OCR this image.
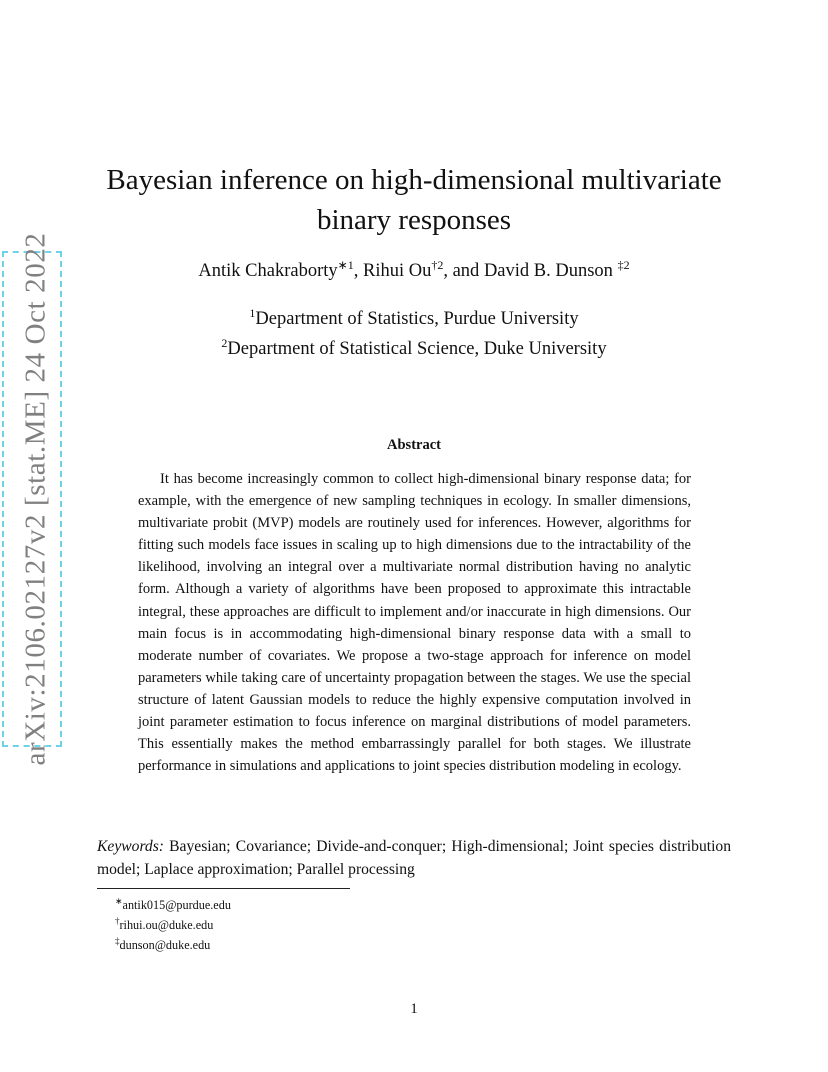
arXiv:2106.02127v2 [stat.ME] 24 Oct 2022
Bayesian inference on high-dimensional multivariate
binary responses
Antik Chakraborty$^{∗1}$, Rihui Ou$^{\dagger 2}$, and David B. Dunson $^{\ddagger 2}$
$^1$Department of Statistics, Purdue University
$^2$Department of Statistical Science, Duke University
Abstract

It has become increasingly common to collect high-dimensional binary response data; for example, with the emergence of new sampling techniques in ecology. In smaller dimensions, multivariate probit (MVP) models are routinely used for inferences. However, algorithms for fitting such models face issues in scaling up to high dimensions due to the intractability of the likelihood, involving an integral over a multivariate normal distribution having no analytic form. Although a variety of algorithms have been proposed to approximate this intractable integral, these approaches are difficult to implement and/or inaccurate in high dimensions. Our main focus is in accommodating high-dimensional binary response data with a small to moderate number of covariates. We propose a two-stage approach for inference on model parameters while taking care of uncertainty propagation between the stages. We use the special structure of latent Gaussian models to reduce the highly expensive computation involved in joint parameter estimation to focus inference on marginal distributions of model parameters. This essentially makes the method embarrassingly parallel for both stages. We illustrate performance in simulations and applications to joint species distribution modeling in ecology.

Keywords: Bayesian; Covariance; Divide-and-conquer; High-dimensional; Joint species distribution model; Laplace approximation; Parallel processing

∗antik015@purdue.edu
†rihui.ou@duke.edu
‡dunson@duke.edu
1
